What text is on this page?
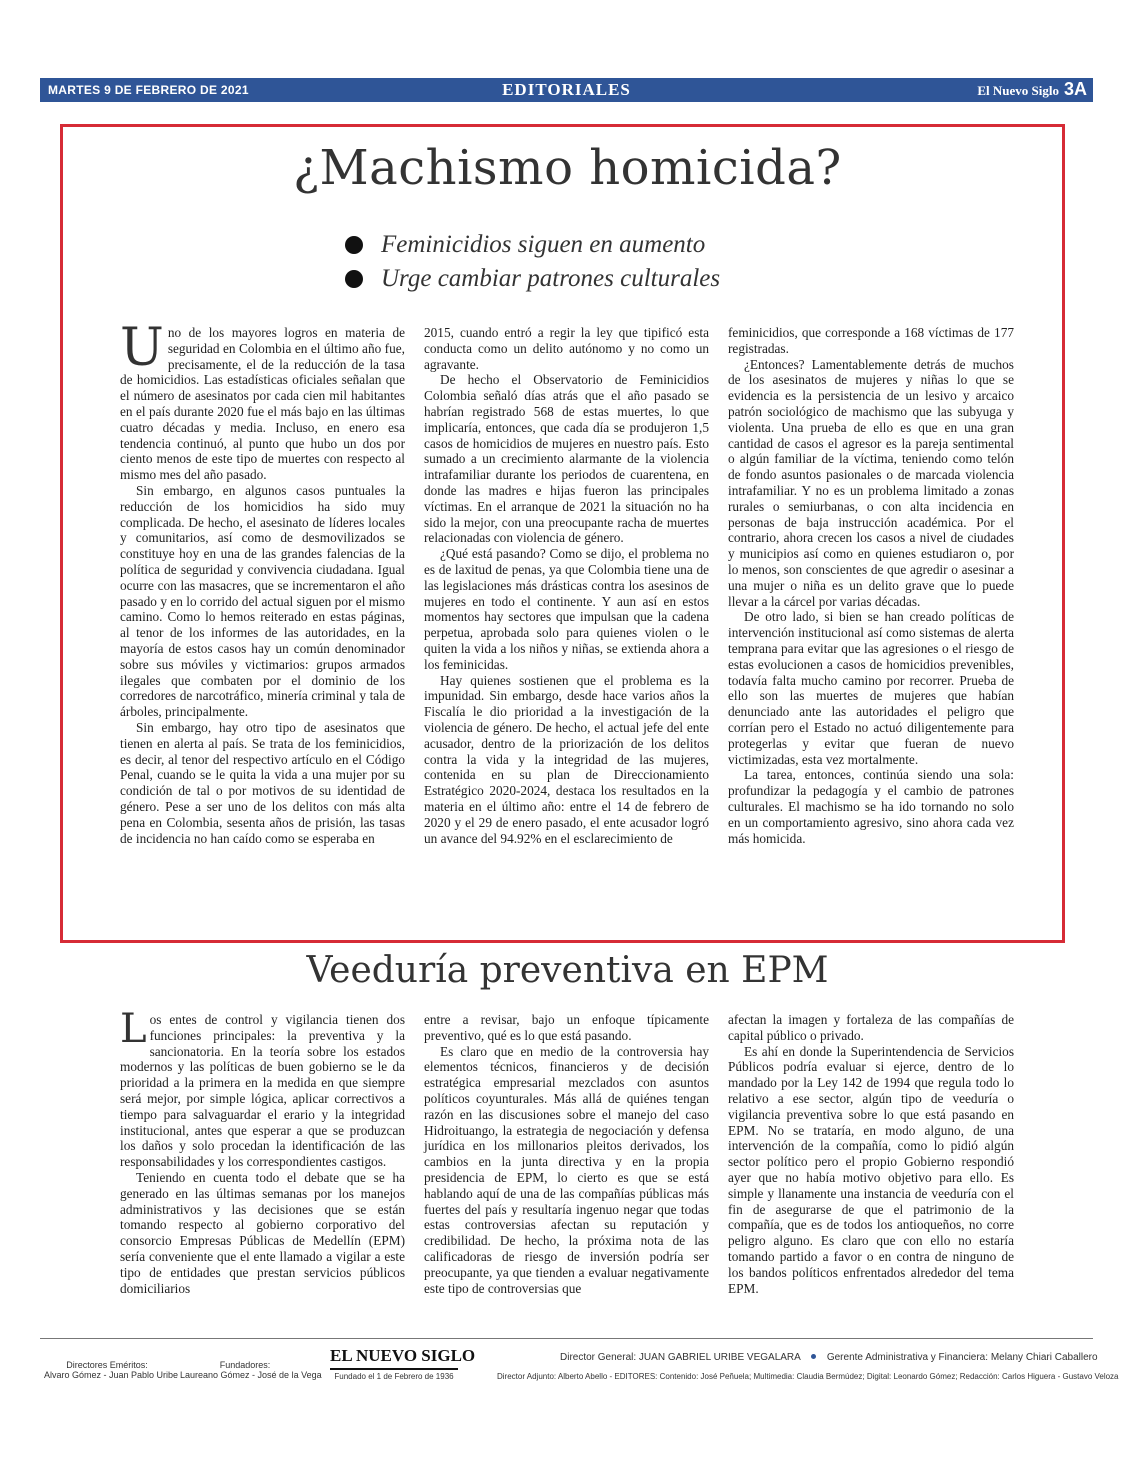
MARTES 9 DE FEBRERO DE 2021	EDITORIALES	El Nuevo Siglo 3A
¿Machismo homicida?
Feminicidios siguen en aumento
Urge cambiar patrones culturales

Uno de los mayores logros en materia de seguridad en Colombia en el último año fue, precisamente, el de la reducción de la tasa de homicidios. Las estadísticas oficiales señalan que el número de asesinatos por cada cien mil habitantes en el país durante 2020 fue el más bajo en las últimas cuatro décadas y media. Incluso, en enero esa tendencia continuó, al punto que hubo un dos por ciento menos de este tipo de muertes con respecto al mismo mes del año pasado.

Sin embargo, en algunos casos puntuales la reducción de los homicidios ha sido muy complicada. De hecho, el asesinato de líderes locales y comunitarios, así como de desmovilizados se constituye hoy en una de las grandes falencias de la política de seguridad y convivencia ciudadana. Igual ocurre con las masacres, que se incrementaron el año pasado y en lo corrido del actual siguen por el mismo camino. Como lo hemos reiterado en estas páginas, al tenor de los informes de las autoridades, en la mayoría de estos casos hay un común denominador sobre sus móviles y victimarios: grupos armados ilegales que combaten por el dominio de los corredores de narcotráfico, minería criminal y tala de árboles, principalmente.

Sin embargo, hay otro tipo de asesinatos que tienen en alerta al país. Se trata de los feminicidios, es decir, al tenor del respectivo artículo en el Código Penal, cuando se le quita la vida a una mujer por su condición de tal o por motivos de su identidad de género. Pese a ser uno de los delitos con más alta pena en Colombia, sesenta años de prisión, las tasas de incidencia no han caído como se esperaba en

2015, cuando entró a regir la ley que tipificó esta conducta como un delito autónomo y no como un agravante.

De hecho el Observatorio de Feminicidios Colombia señaló días atrás que el año pasado se habrían registrado 568 de estas muertes, lo que implicaría, entonces, que cada día se produjeron 1,5 casos de homicidios de mujeres en nuestro país. Esto sumado a un crecimiento alarmante de la violencia intrafamiliar durante los periodos de cuarentena, en donde las madres e hijas fueron las principales víctimas. En el arranque de 2021 la situación no ha sido la mejor, con una preocupante racha de muertes relacionadas con violencia de género.

¿Qué está pasando? Como se dijo, el problema no es de laxitud de penas, ya que Colombia tiene una de las legislaciones más drásticas contra los asesinos de mujeres en todo el continente. Y aun así en estos momentos hay sectores que impulsan que la cadena perpetua, aprobada solo para quienes violen o le quiten la vida a los niños y niñas, se extienda ahora a los feminicidas.

Hay quienes sostienen que el problema es la impunidad. Sin embargo, desde hace varios años la Fiscalía le dio prioridad a la investigación de la violencia de género. De hecho, el actual jefe del ente acusador, dentro de la priorización de los delitos contra la vida y la integridad de las mujeres, contenida en su plan de Direccionamiento Estratégico 2020-2024, destaca los resultados en la materia en el último año: entre el 14 de febrero de 2020 y el 29 de enero pasado, el ente acusador logró un avance del 94.92% en el esclarecimiento de

feminicidios, que corresponde a 168 víctimas de 177 registradas.

¿Entonces? Lamentablemente detrás de muchos de los asesinatos de mujeres y niñas lo que se evidencia es la persistencia de un lesivo y arcaico patrón sociológico de machismo que las subyuga y violenta. Una prueba de ello es que en una gran cantidad de casos el agresor es la pareja sentimental o algún familiar de la víctima, teniendo como telón de fondo asuntos pasionales o de marcada violencia intrafamiliar. Y no es un problema limitado a zonas rurales o semiurbanas, o con alta incidencia en personas de baja instrucción académica. Por el contrario, ahora crecen los casos a nivel de ciudades y municipios así como en quienes estudiaron o, por lo menos, son conscientes de que agredir o asesinar a una mujer o niña es un delito grave que lo puede llevar a la cárcel por varias décadas.

De otro lado, si bien se han creado políticas de intervención institucional así como sistemas de alerta temprana para evitar que las agresiones o el riesgo de estas evolucionen a casos de homicidios prevenibles, todavía falta mucho camino por recorrer. Prueba de ello son las muertes de mujeres que habían denunciado ante las autoridades el peligro que corrían pero el Estado no actuó diligentemente para protegerlas y evitar que fueran de nuevo victimizadas, esta vez mortalmente.

La tarea, entonces, continúa siendo una sola: profundizar la pedagogía y el cambio de patrones culturales. El machismo se ha ido tornando no solo en un comportamiento agresivo, sino ahora cada vez más homicida.

Veeduría preventiva en EPM

Los entes de control y vigilancia tienen dos funciones principales: la preventiva y la sancionatoria. En la teoría sobre los estados modernos y las políticas de buen gobierno se le da prioridad a la primera en la medida en que siempre será mejor, por simple lógica, aplicar correctivos a tiempo para salvaguardar el erario y la integridad institucional, antes que esperar a que se produzcan los daños y solo procedan la identificación de las responsabilidades y los correspondientes castigos.

Teniendo en cuenta todo el debate que se ha generado en las últimas semanas por los manejos administrativos y las decisiones que se están tomando respecto al gobierno corporativo del consorcio Empresas Públicas de Medellín (EPM) sería conveniente que el ente llamado a vigilar a este tipo de entidades que prestan servicios públicos domiciliarios

entre a revisar, bajo un enfoque típicamente preventivo, qué es lo que está pasando.

Es claro que en medio de la controversia hay elementos técnicos, financieros y de decisión estratégica empresarial mezclados con asuntos políticos coyunturales. Más allá de quiénes tengan razón en las discusiones sobre el manejo del caso Hidroituango, la estrategia de negociación y defensa jurídica en los millonarios pleitos derivados, los cambios en la junta directiva y en la propia presidencia de EPM, lo cierto es que se está hablando aquí de una de las compañías públicas más fuertes del país y resultaría ingenuo negar que todas estas controversias afectan su reputación y credibilidad. De hecho, la próxima nota de las calificadoras de riesgo de inversión podría ser preocupante, ya que tienden a evaluar negativamente este tipo de controversias que

afectan la imagen y fortaleza de las compañías de capital público o privado.

Es ahí en donde la Superintendencia de Servicios Públicos podría evaluar si ejerce, dentro de lo mandado por la Ley 142 de 1994 que regula todo lo relativo a ese sector, algún tipo de veeduría o vigilancia preventiva sobre lo que está pasando en EPM. No se trataría, en modo alguno, de una intervención de la compañía, como lo pidió algún sector político pero el propio Gobierno respondió ayer que no había motivo objetivo para ello. Es simple y llanamente una instancia de veeduría con el fin de asegurarse de que el patrimonio de la compañía, que es de todos los antioqueños, no corre peligro alguno. Es claro que con ello no estaría tomando partido a favor o en contra de ninguno de los bandos políticos enfrentados alrededor del tema EPM.

Directores Eméritos:
Alvaro Gómez - Juan Pablo Uribe
Fundadores:
Laureano Gómez - José de la Vega
EL NUEVO SIGLO
Fundado el 1 de Febrero de 1936
Director General: JUAN GABRIEL URIBE VEGALARA	Gerente Administrativa y Financiera: Melany Chiari Caballero
Director Adjunto: Alberto Abello - EDITORES: Contenido: José Peñuela; Multimedia: Claudia Bermúdez; Digital: Leonardo Gómez; Redacción: Carlos Higuera - Gustavo Veloza
